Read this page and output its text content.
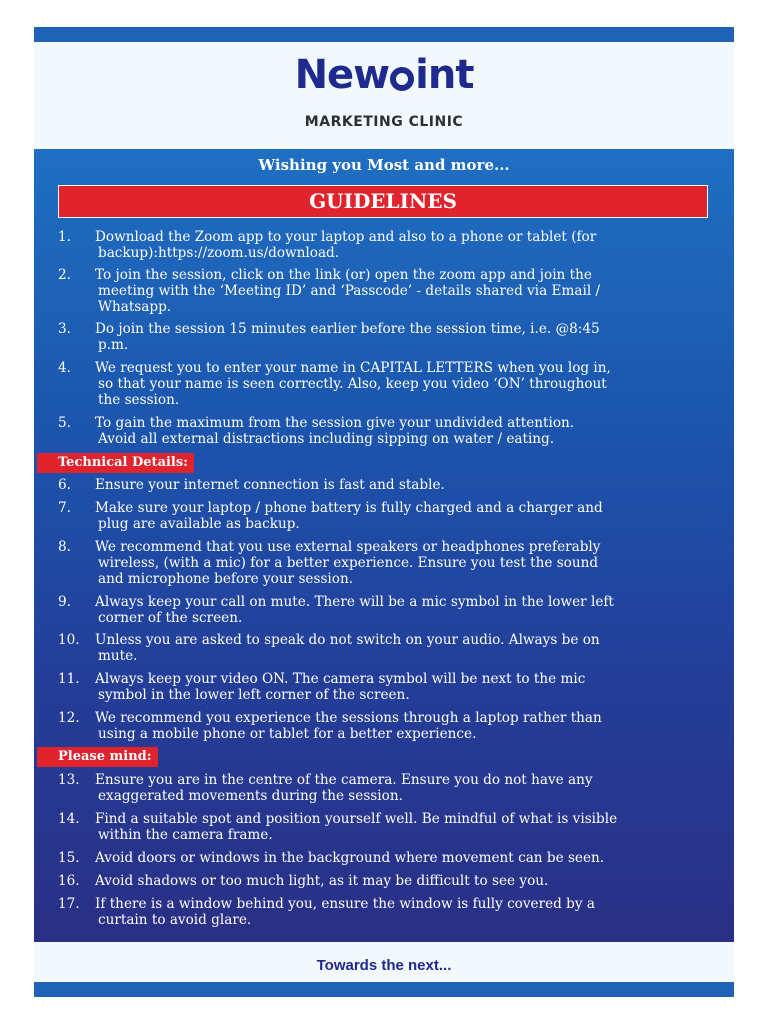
New int
MARKETING CLINIC
Wishing you Most and more...
GUIDELINES
Technical Details:
Please mind:
1. Download the Zoom app to your laptop and also to a phone or tablet (for
backup):https://zoom.us/download.
2. To join the session, click on the link (or) open the zoom app and join the
meeting with the ‘Meeting ID’ and ‘Passcode’ - details shared via Email /
Whatsapp.
3. Do join the session 15 minutes earlier before the session time, i.e. @8:45
p.m.
4. We request you to enter your name in CAPITAL LETTERS when you log in,
so that your name is seen correctly. Also, keep you video ‘ON’ throughout
the session.
5. To gain the maximum from the session give your undivided attention.
Avoid all external distractions including sipping on water / eating.
6. Ensure your internet connection is fast and stable.
7. Make sure your laptop / phone battery is fully charged and a charger and
plug are available as backup.
8. We recommend that you use external speakers or headphones preferably
wireless, (with a mic) for a better experience. Ensure you test the sound
and microphone before your session.
9. Always keep your call on mute. There will be a mic symbol in the lower left
corner of the screen.
10. Unless you are asked to speak do not switch on your audio. Always be on
mute.
11. Always keep your video ON. The camera symbol will be next to the mic
symbol in the lower left corner of the screen.
12. We recommend you experience the sessions through a laptop rather than
using a mobile phone or tablet for a better experience.
13. Ensure you are in the centre of the camera. Ensure you do not have any
exaggerated movements during the session.
14. Find a suitable spot and position yourself well. Be mindful of what is visible
within the camera frame.
15. Avoid doors or windows in the background where movement can be seen.
16. Avoid shadows or too much light, as it may be difficult to see you.
17. If there is a window behind you, ensure the window is fully covered by a
curtain to avoid glare.
Towards the next...
